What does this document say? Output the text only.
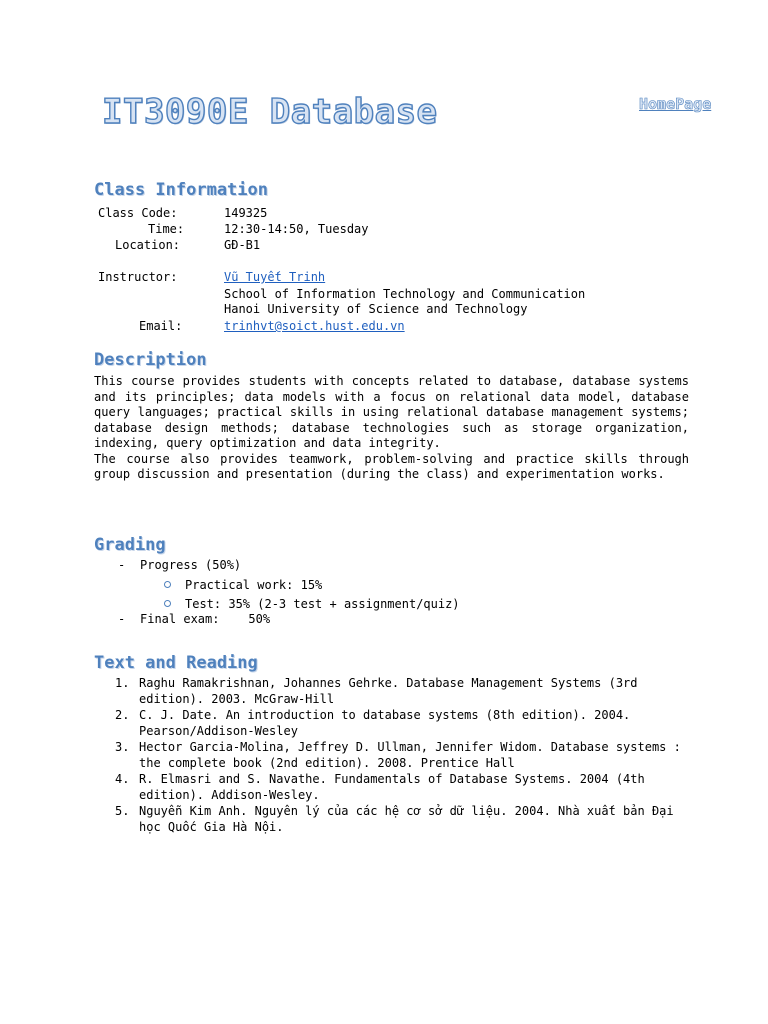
IT3090E Database	HomePage
Class Information
Class Code:	149325
Time:	12:30-14:50, Tuesday
Location:	GĐ-B1
Instructor:	Vũ Tuyết Trinh
School of Information Technology and Communication
Hanoi University of Science and Technology
Email:	trinhvt@soict.hust.edu.vn
Description

This course provides students with concepts related to database, database systems and its principles; data models with a focus on relational data model, database query languages; practical skills in using relational database management systems; database design methods; database technologies such as storage organization, indexing, query optimization and data integrity.

The course also provides teamwork, problem-solving and practice skills through group discussion and presentation (during the class) and experimentation works.

Grading
- Progress (50%)
Practical work: 15%
Test: 35% (2-3 test + assignment/quiz)
- Final exam:    50%
Text and Reading
1. Raghu Ramakrishnan, Johannes Gehrke. Database Management Systems (3rd edition). 2003. McGraw-Hill
2. C. J. Date. An introduction to database systems (8th edition). 2004. Pearson/Addison-Wesley
3. Hector Garcia-Molina, Jeffrey D. Ullman, Jennifer Widom. Database systems : the complete book (2nd edition). 2008. Prentice Hall
4. R. Elmasri and S. Navathe. Fundamentals of Database Systems. 2004 (4th edition). Addison-Wesley.
5. Nguyễn Kim Anh. Nguyên lý của các hệ cơ sở dữ liệu. 2004. Nhà xuất bản Đại học Quốc Gia Hà Nội.
